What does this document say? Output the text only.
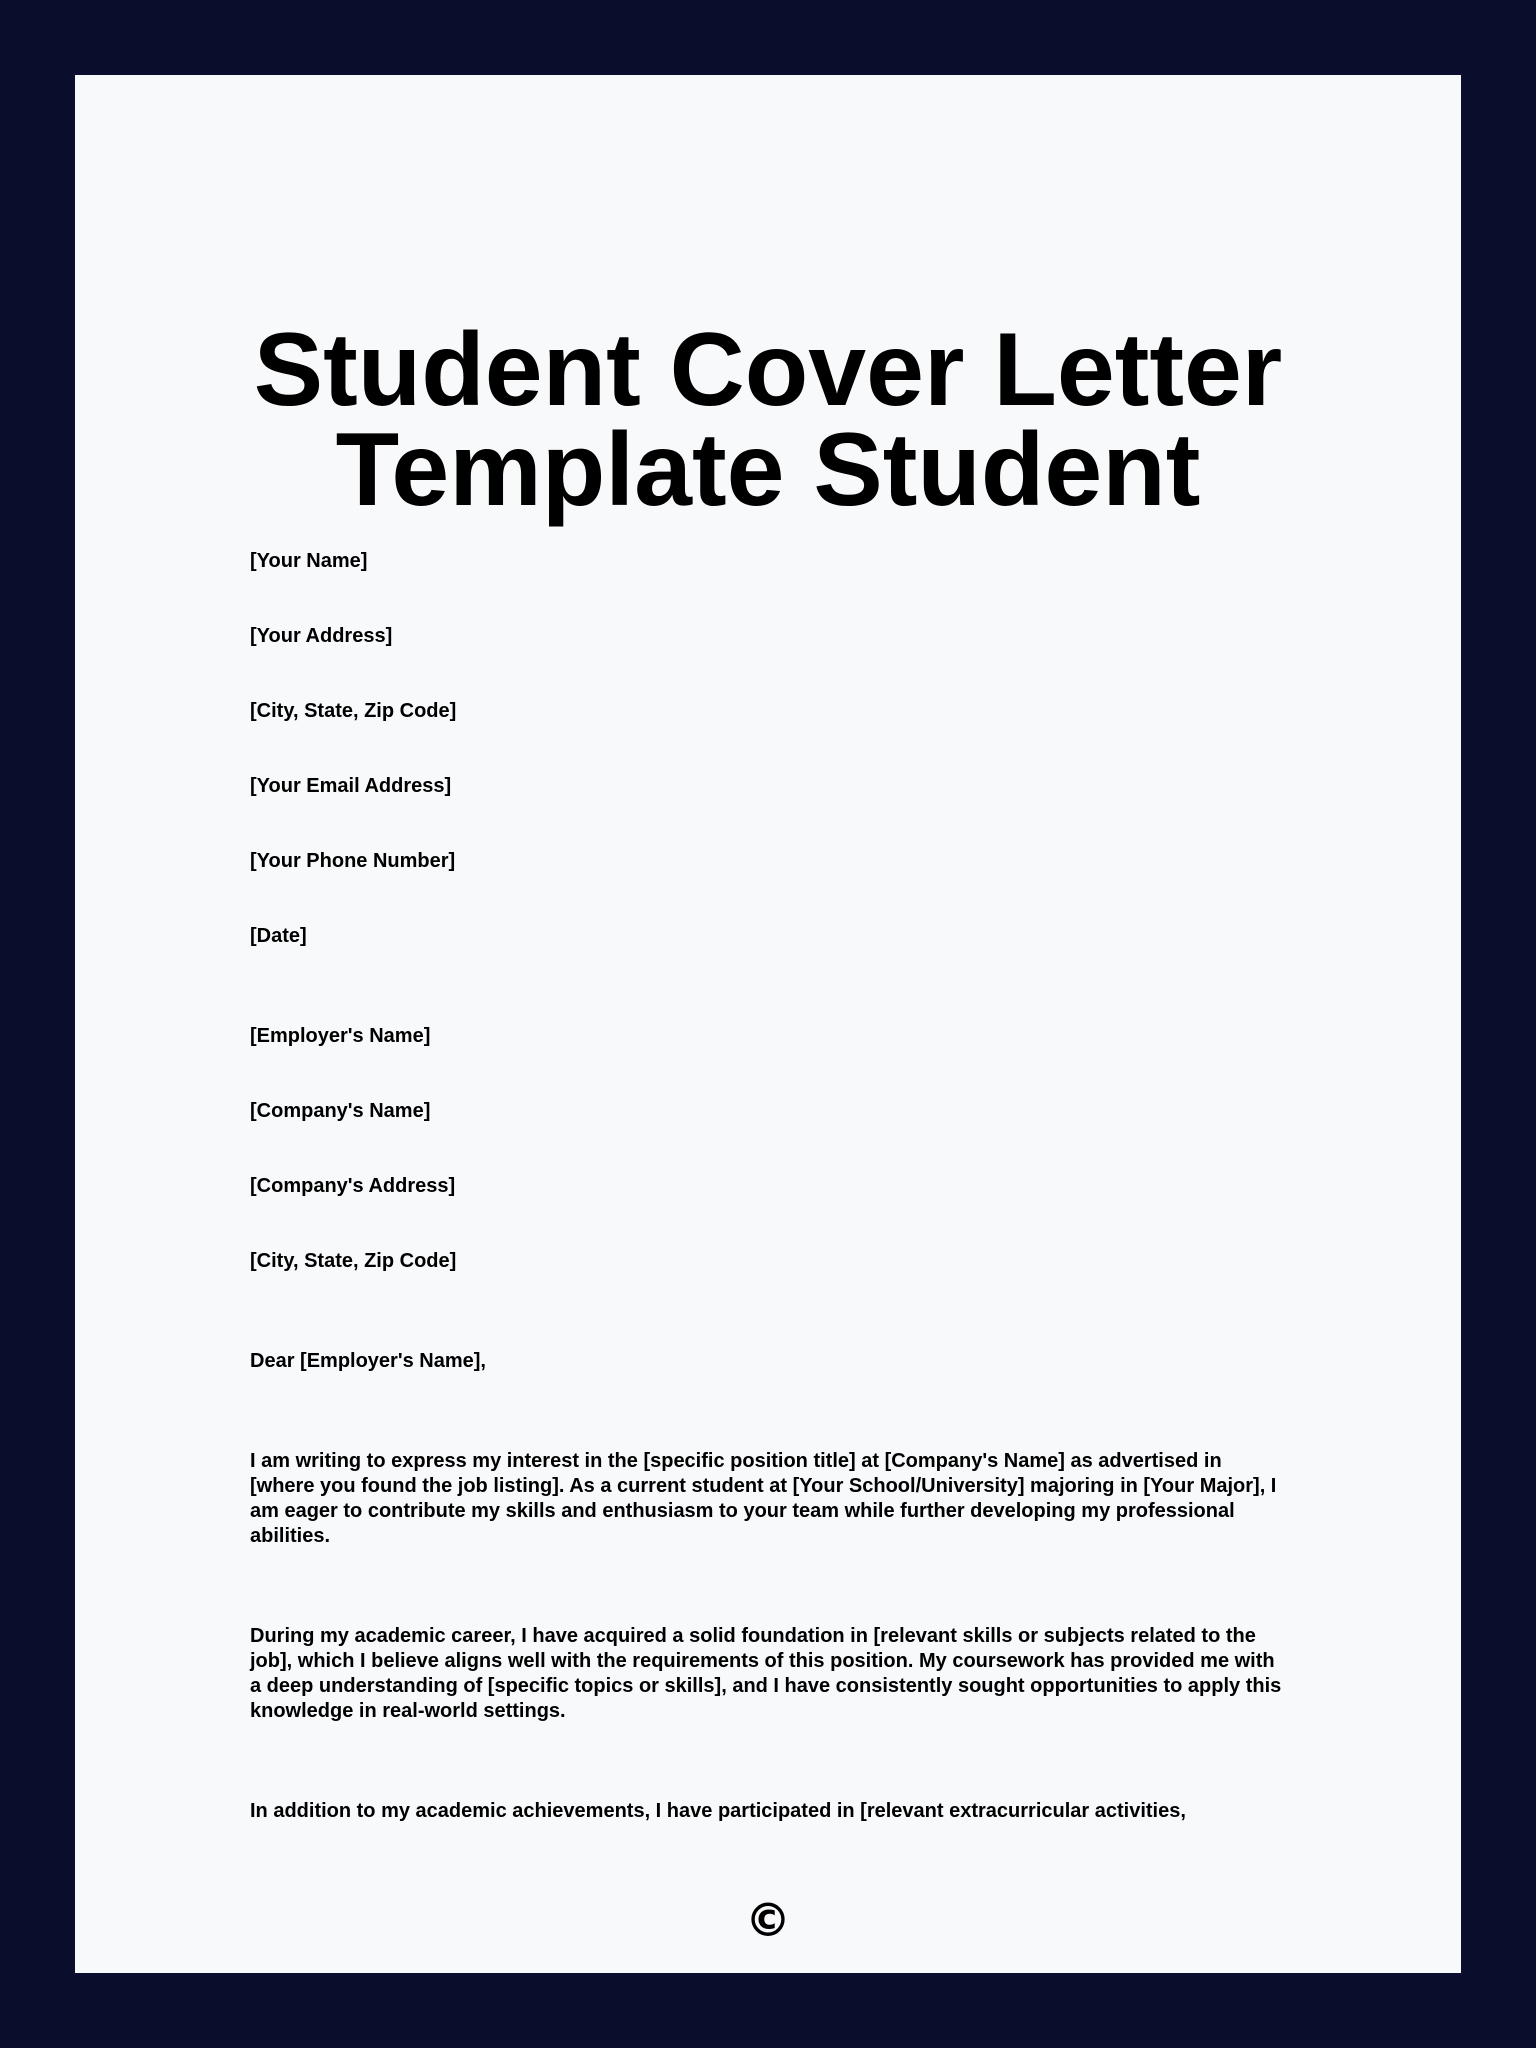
Student Cover Letter
Template Student
[Your Name]
[Your Address]
[City, State, Zip Code]
[Your Email Address]
[Your Phone Number]
[Date]
[Employer's Name]
[Company's Name]
[Company's Address]
[City, State, Zip Code]
Dear [Employer's Name],

I am writing to express my interest in the [specific position title] at [Company's Name] as advertised in [where you found the job listing]. As a current student at [Your School/University] majoring in [Your Major], I am eager to contribute my skills and enthusiasm to your team while further developing my professional abilities.

During my academic career, I have acquired a solid foundation in [relevant skills or subjects related to the job], which I believe aligns well with the requirements of this position. My coursework has provided me with a deep understanding of [specific topics or skills], and I have consistently sought opportunities to apply this knowledge in real-world settings.

In addition to my academic achievements, I have participated in [relevant extracurricular activities,

©
